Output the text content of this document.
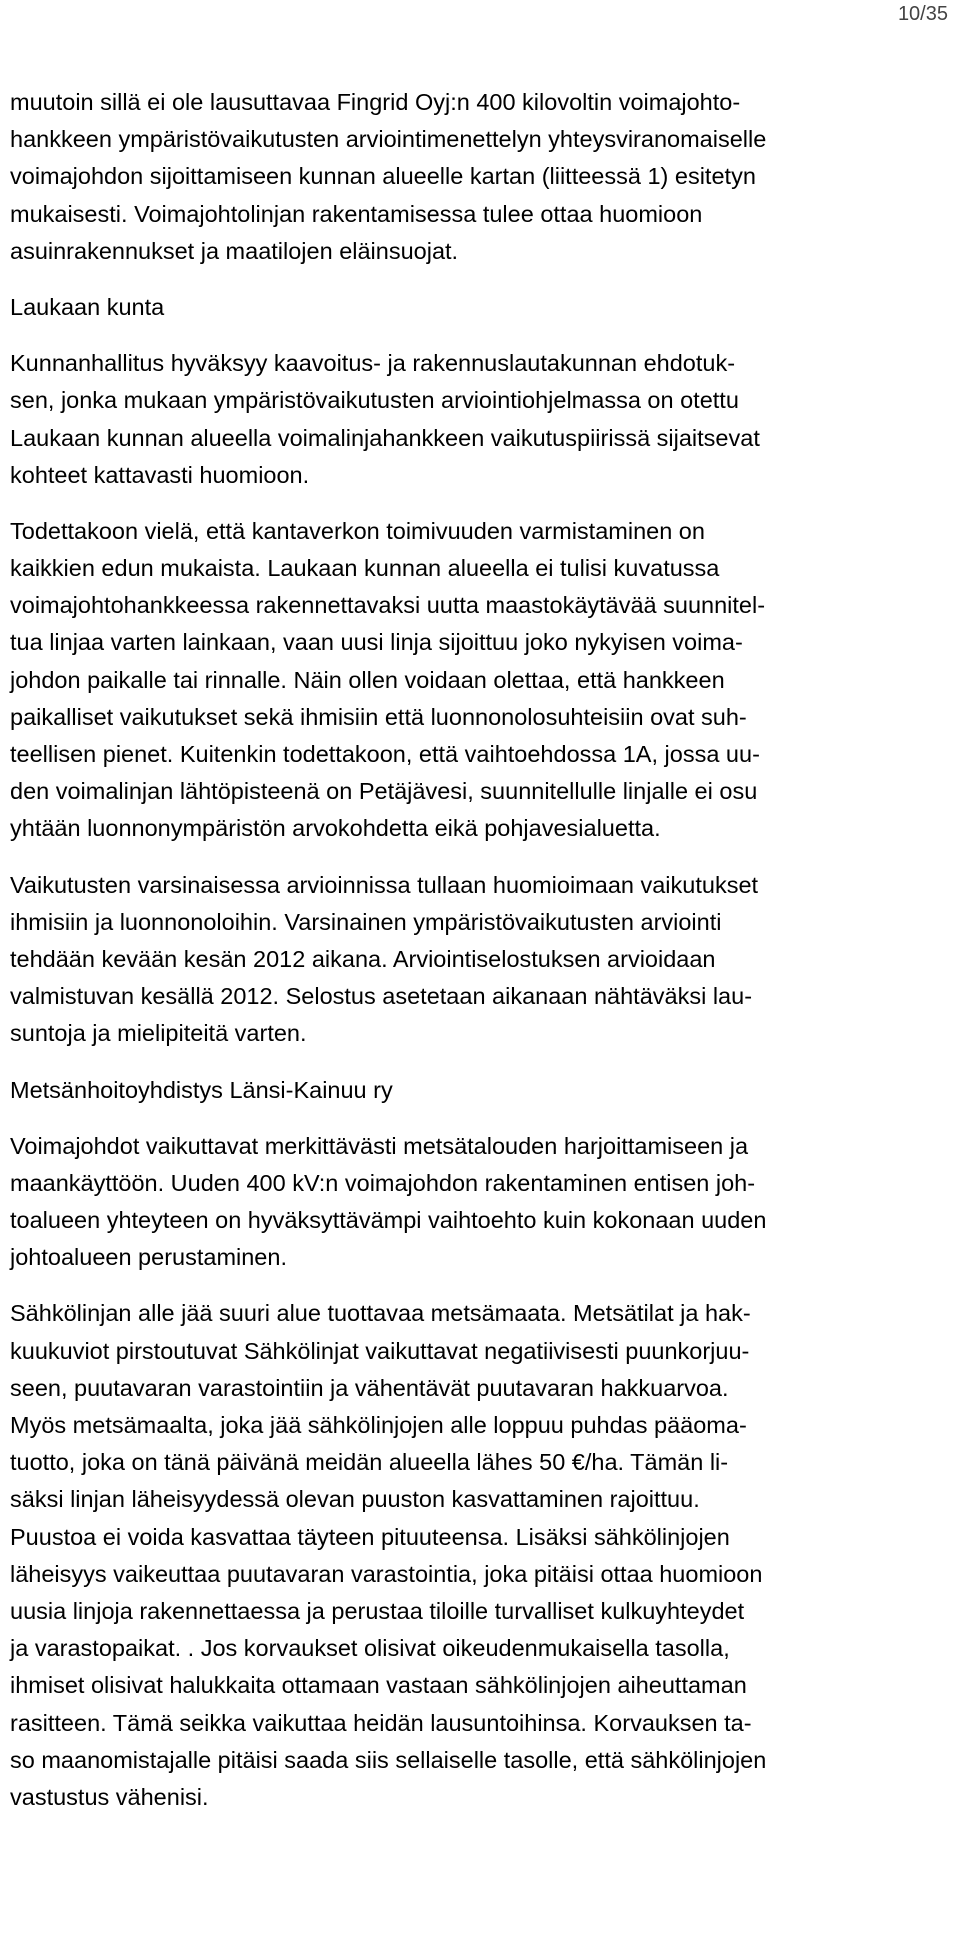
10/35
muutoin sillä ei ole lausuttavaa Fingrid Oyj:n 400 kilovoltin voimajohto-
hankkeen ympäristövaikutusten arviointimenettelyn yhteysviranomaiselle
voimajohdon sijoittamiseen kunnan alueelle kartan (liitteessä 1) esitetyn
mukaisesti. Voimajohtolinjan rakentamisessa tulee ottaa huomioon
asuinrakennukset ja maatilojen eläinsuojat.
Laukaan kunta
Kunnanhallitus hyväksyy kaavoitus- ja rakennuslautakunnan ehdotuk-
sen, jonka mukaan ympäristövaikutusten arviointiohjelmassa on otettu
Laukaan kunnan alueella voimalinjahankkeen vaikutuspiirissä sijaitsevat
kohteet kattavasti huomioon.
Todettakoon vielä, että kantaverkon toimivuuden varmistaminen on
kaikkien edun mukaista. Laukaan kunnan alueella ei tulisi kuvatussa
voimajohtohankkeessa rakennettavaksi uutta maastokäytävää suunnitel-
tua linjaa varten lainkaan, vaan uusi linja sijoittuu joko nykyisen voima-
johdon paikalle tai rinnalle. Näin ollen voidaan olettaa, että hankkeen
paikalliset vaikutukset sekä ihmisiin että luonnonolosuhteisiin ovat suh-
teellisen pienet. Kuitenkin todettakoon, että vaihtoehdossa 1A, jossa uu-
den voimalinjan lähtöpisteenä on Petäjävesi, suunnitellulle linjalle ei osu
yhtään luonnonympäristön arvokohdetta eikä pohjavesialuetta.
Vaikutusten varsinaisessa arvioinnissa tullaan huomioimaan vaikutukset
ihmisiin ja luonnonoloihin. Varsinainen ympäristövaikutusten arviointi
tehdään kevään kesän 2012 aikana. Arviointiselostuksen arvioidaan
valmistuvan kesällä 2012. Selostus asetetaan aikanaan nähtäväksi lau-
suntoja ja mielipiteitä varten.
Metsänhoitoyhdistys Länsi-Kainuu ry
Voimajohdot vaikuttavat merkittävästi metsätalouden harjoittamiseen ja
maankäyttöön. Uuden 400 kV:n voimajohdon rakentaminen entisen joh-
toalueen yhteyteen on hyväksyttävämpi vaihtoehto kuin kokonaan uuden
johtoalueen perustaminen.
Sähkölinjan alle jää suuri alue tuottavaa metsämaata. Metsätilat ja hak-
kuukuviot pirstoutuvat Sähkölinjat vaikuttavat negatiivisesti puunkorjuu-
seen, puutavaran varastointiin ja vähentävät puutavaran hakkuarvoa.
Myös metsämaalta, joka jää sähkölinjojen alle loppuu puhdas pääoma-
tuotto, joka on tänä päivänä meidän alueella lähes 50 €/ha. Tämän li-
säksi linjan läheisyydessä olevan puuston kasvattaminen rajoittuu.
Puustoa ei voida kasvattaa täyteen pituuteensa. Lisäksi sähkölinjojen
läheisyys vaikeuttaa puutavaran varastointia, joka pitäisi ottaa huomioon
uusia linjoja rakennettaessa ja perustaa tiloille turvalliset kulkuyhteydet
ja varastopaikat. . Jos korvaukset olisivat oikeudenmukaisella tasolla,
ihmiset olisivat halukkaita ottamaan vastaan sähkölinjojen aiheuttaman
rasitteen. Tämä seikka vaikuttaa heidän lausuntoihinsa. Korvauksen ta-
so maanomistajalle pitäisi saada siis sellaiselle tasolle, että sähkölinjojen
vastustus vähenisi.
